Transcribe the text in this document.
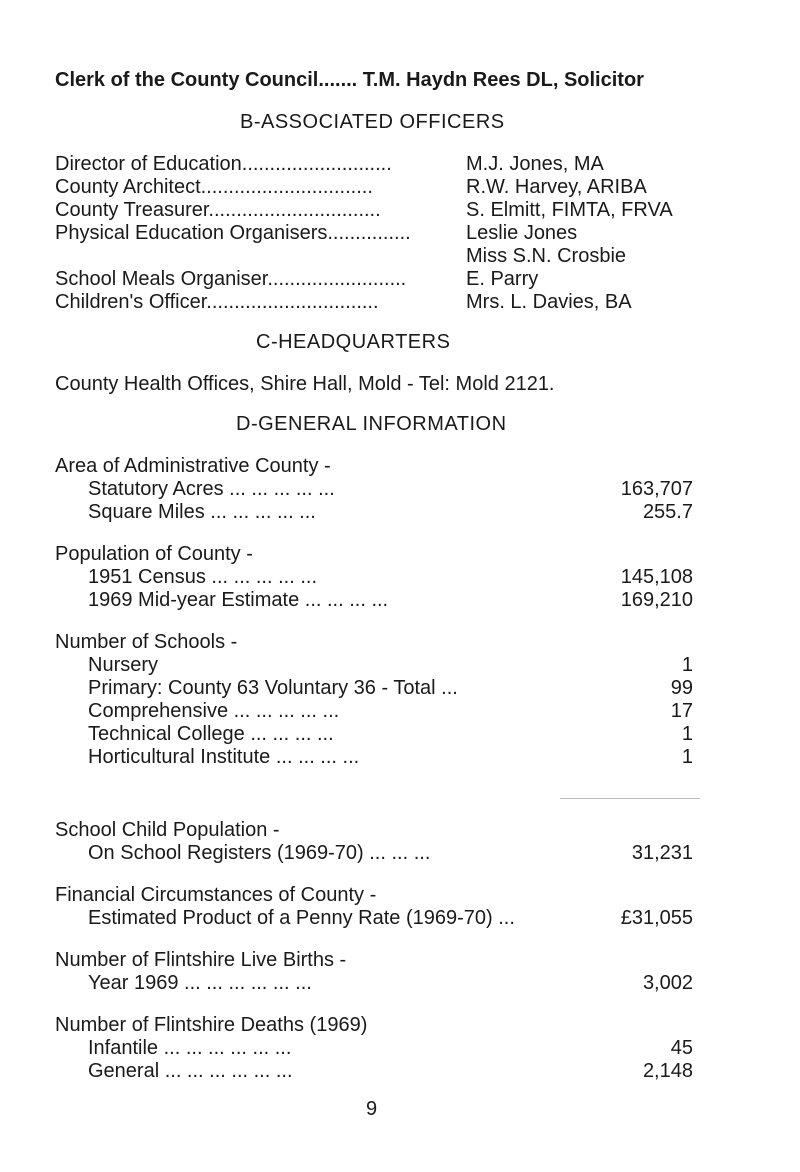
Clerk of the County Council....... T.M. Haydn Rees DL, Solicitor
B-ASSOCIATED OFFICERS
Director of Education...........................	M.J. Jones, MA
County Architect...............................	R.W. Harvey, ARIBA
County Treasurer...............................	S. Elmitt, FIMTA, FRVA
Physical Education Organisers...............	Leslie Jones
Miss S.N. Crosbie
School Meals Organiser.........................	E. Parry
Children's Officer...............................	Mrs. L. Davies, BA
C-HEADQUARTERS
County Health Offices, Shire Hall, Mold - Tel: Mold 2121.
D-GENERAL INFORMATION
Area of Administrative County -
Statutory Acres ... ... ... ... ...	163,707
Square Miles ... ... ... ... ...	255.7
Population of County -
1951 Census ... ... ... ... ...	145,108
1969 Mid-year Estimate ... ... ... ...	169,210
Number of Schools -
Nursery	1
Primary: County 63 Voluntary 36 - Total ...	99
Comprehensive ... ... ... ... ...	17
Technical College ... ... ... ...	1
Horticultural Institute ... ... ... ...	1
School Child Population -
On School Registers (1969-70) ... ... ...	31,231
Financial Circumstances of County -
Estimated Product of a Penny Rate (1969-70) ...	£31,055
Number of Flintshire Live Births -
Year 1969 ... ... ... ... ... ...	3,002
Number of Flintshire Deaths (1969)
Infantile ... ... ... ... ... ...	45
General ... ... ... ... ... ...	2,148
9
